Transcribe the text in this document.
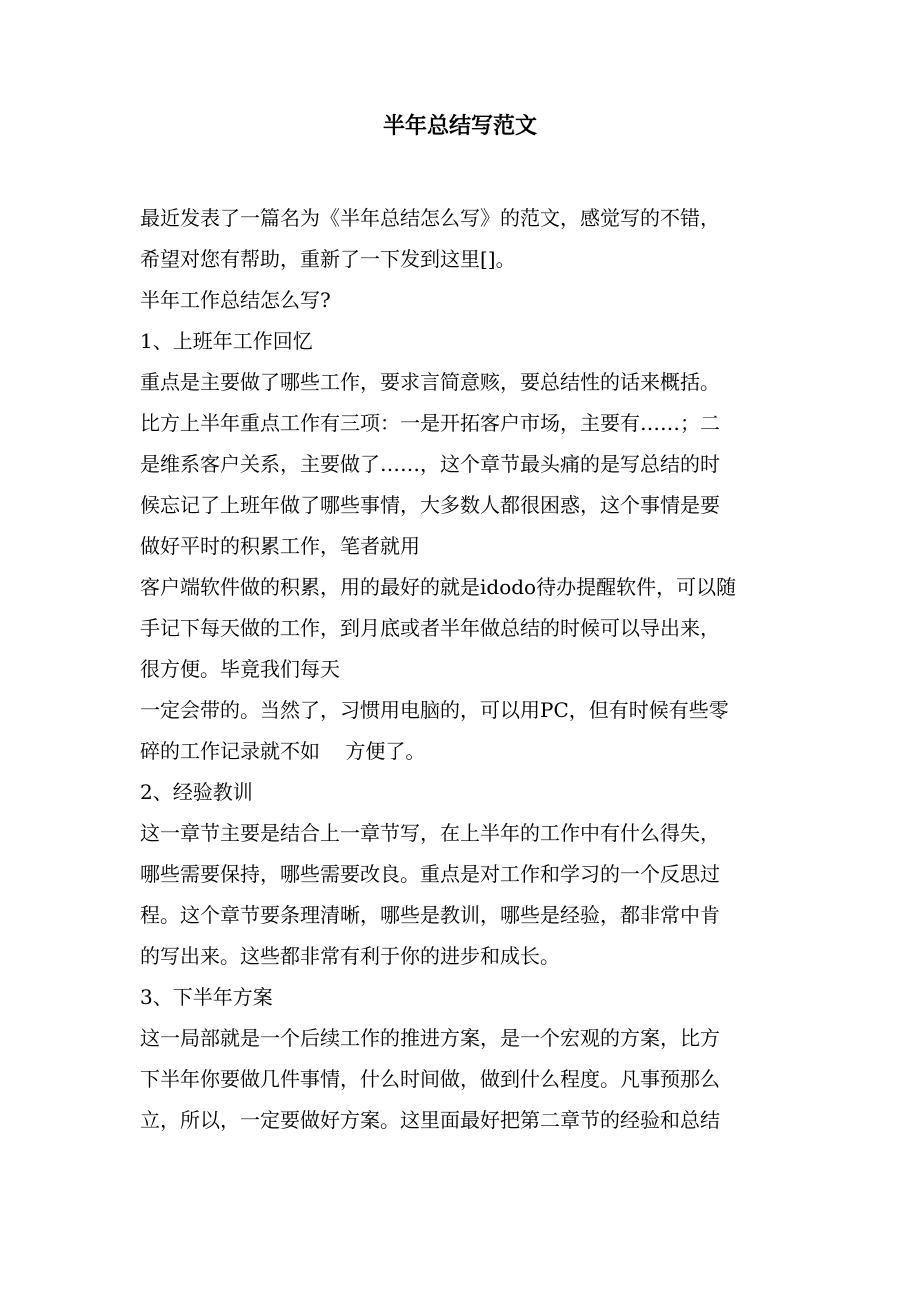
半年总结写范文
最近发表了一篇名为《半年总结怎么写》的范文，感觉写的不错，
希望对您有帮助，重新了一下发到这里[]。
半年工作总结怎么写?
1、上班年工作回忆
重点是主要做了哪些工作，要求言简意赅，要总结性的话来概括。
比方上半年重点工作有三项：一是开拓客户市场，主要有……；二
是维系客户关系，主要做了……，这个章节最头痛的是写总结的时
候忘记了上班年做了哪些事情，大多数人都很困惑，这个事情是要
做好平时的积累工作，笔者就用
客户端软件做的积累，用的最好的就是idodo待办提醒软件，可以随
手记下每天做的工作，到月底或者半年做总结的时候可以导出来，
很方便。毕竟我们每天
一定会带的。当然了，习惯用电脑的，可以用PC，但有时候有些零
碎的工作记录就不如    方便了。
2、经验教训
这一章节主要是结合上一章节写，在上半年的工作中有什么得失，
哪些需要保持，哪些需要改良。重点是对工作和学习的一个反思过
程。这个章节要条理清晰，哪些是教训，哪些是经验，都非常中肯
的写出来。这些都非常有利于你的进步和成长。
3、下半年方案
这一局部就是一个后续工作的推进方案，是一个宏观的方案，比方
下半年你要做几件事情，什么时间做，做到什么程度。凡事预那么
立，所以，一定要做好方案。这里面最好把第二章节的经验和总结
